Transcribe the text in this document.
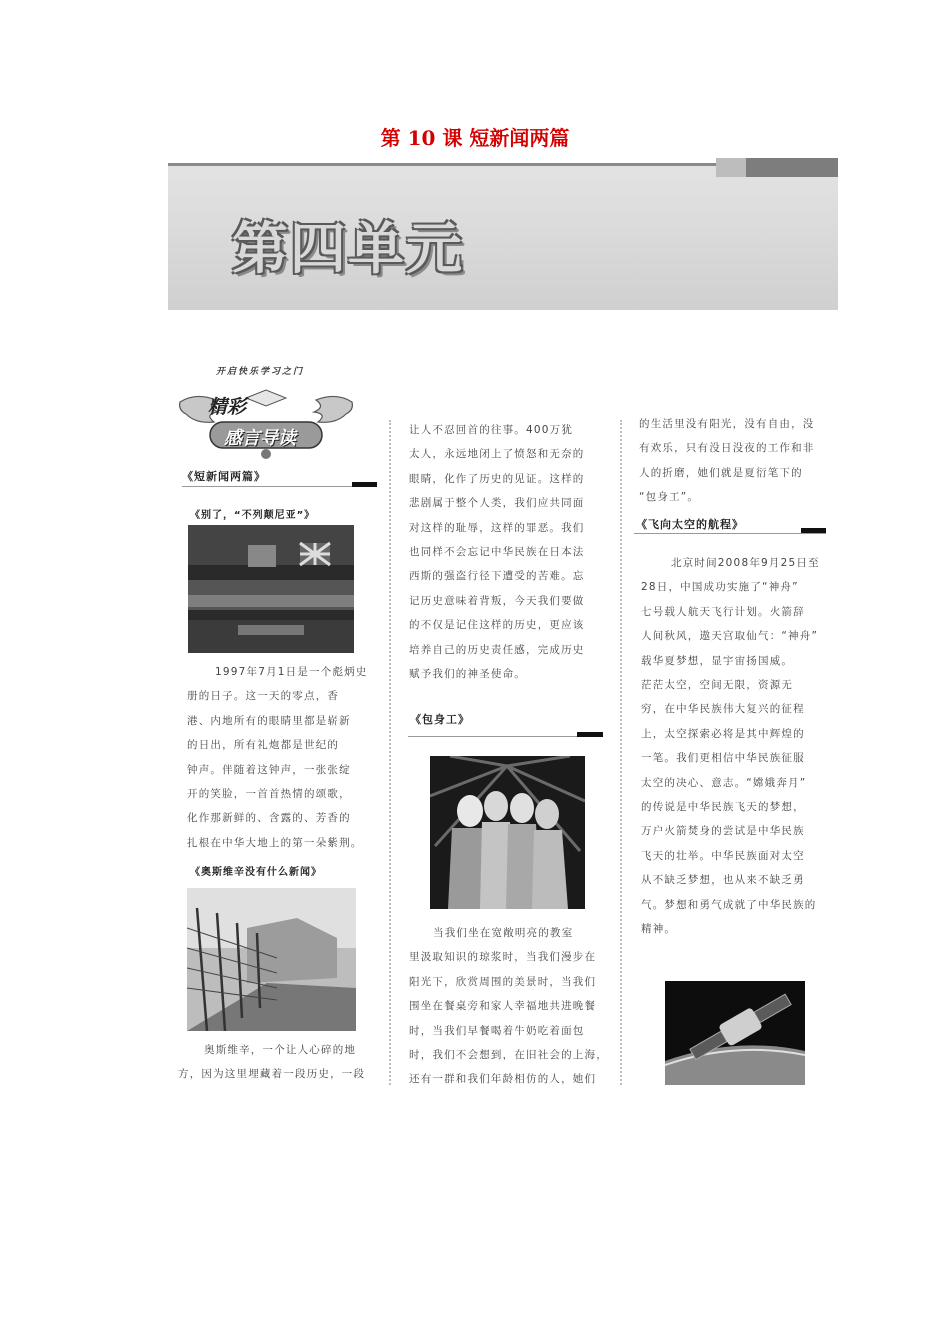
第 10 课 短新闻两篇
第四单元
开启快乐学习之门
精彩
感言导读
《短新闻两篇》
《别了，“不列颠尼亚”》
1997年7月1日是一个彪炳史
册的日子。这一天的零点，香
港、内地所有的眼睛里都是崭新
的日出，所有礼炮都是世纪的
钟声。伴随着这钟声，一张张绽
开的笑脸，一首首热情的颂歌，
化作那新鲜的、含露的、芳香的
扎根在中华大地上的第一朵紫荆。
《奥斯维辛没有什么新闻》
奥斯维辛，一个让人心碎的地
方，因为这里埋藏着一段历史，一段
让人不忍回首的往事。400万犹
太人，永远地闭上了愤怒和无奈的
眼睛，化作了历史的见证。这样的
悲剧属于整个人类，我们应共同面
对这样的耻辱，这样的罪恶。我们
也同样不会忘记中华民族在日本法
西斯的强盗行径下遭受的苦难。忘
记历史意味着背叛，今天我们要做
的不仅是记住这样的历史，更应该
培养自己的历史责任感，完成历史
赋予我们的神圣使命。
《包身工》
当我们坐在宽敞明亮的教室
里汲取知识的琼浆时，当我们漫步在
阳光下，欣赏周围的美景时，当我们
围坐在餐桌旁和家人幸福地共进晚餐
时，当我们早餐喝着牛奶吃着面包
时，我们不会想到，在旧社会的上海，
还有一群和我们年龄相仿的人，她们
的生活里没有阳光，没有自由，没
有欢乐，只有没日没夜的工作和非
人的折磨，她们就是夏衍笔下的
“包身工”。
《飞向太空的航程》
北京时间2008年9月25日至
28日，中国成功实施了“神舟”
七号载人航天飞行计划。火箭辞
人间秋风，遨天宫取仙气：“神舟”
载华夏梦想，显宇宙扬国威。
茫茫太空，空间无限，资源无
穷，在中华民族伟大复兴的征程
上，太空探索必将是其中辉煌的
一笔。我们更相信中华民族征服
太空的决心、意志。“嫦娥奔月”
的传说是中华民族飞天的梦想，
万户火箭焚身的尝试是中华民族
飞天的壮举。中华民族面对太空
从不缺乏梦想，也从来不缺乏勇
气。梦想和勇气成就了中华民族的
精神。
